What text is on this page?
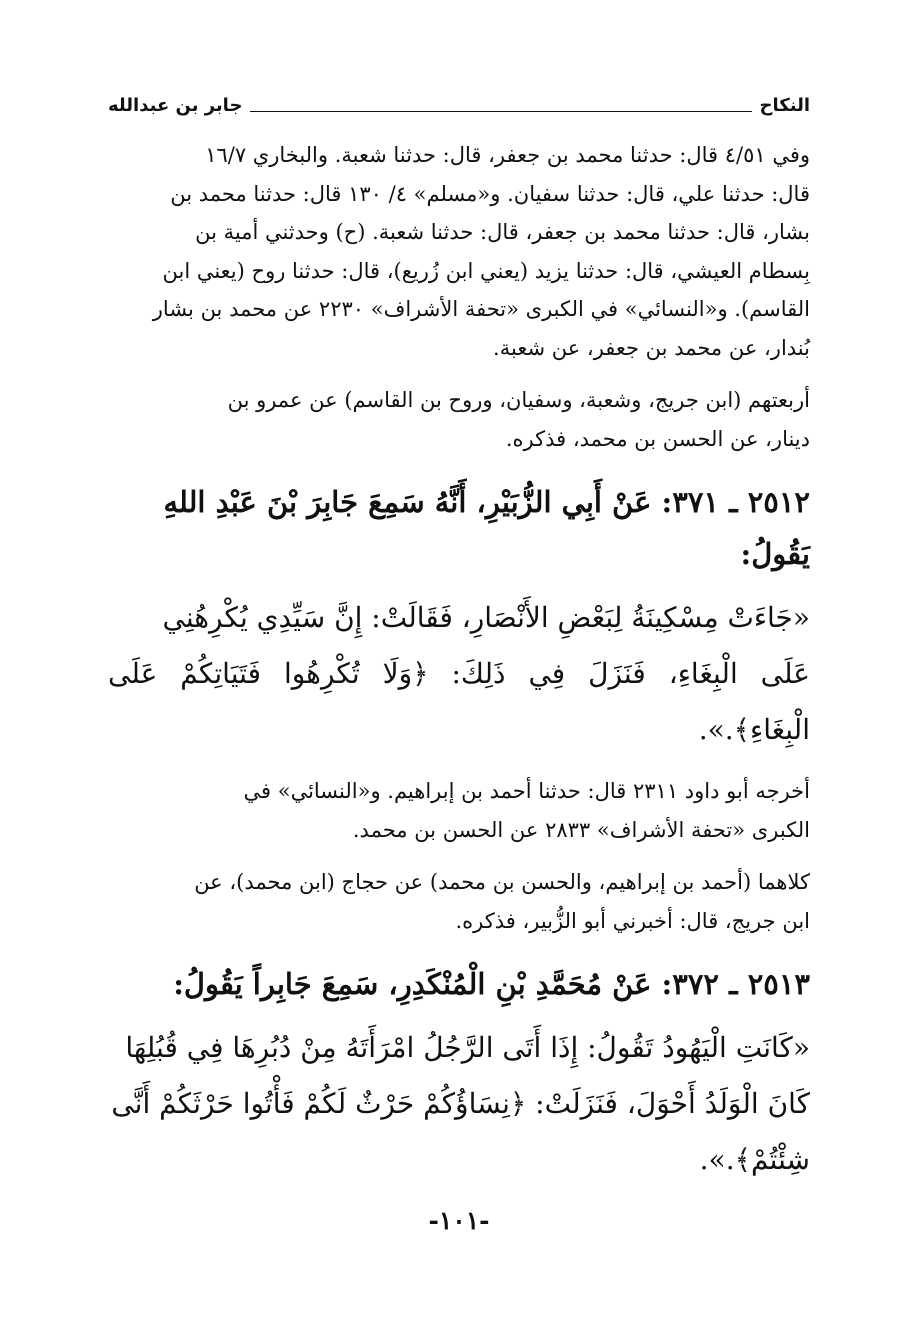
النكاح
جابر بن عبدالله

وفي ٤/٥١ قال: حدثنا محمد بن جعفر، قال: حدثنا شعبة. والبخاري ١٦/٧

قال: حدثنا علي، قال: حدثنا سفيان. و«مسلم» ٤/ ١٣٠ قال: حدثنا محمد بن
بشار، قال: حدثنا محمد بن جعفر، قال: حدثنا شعبة. (ح) وحدثني أمية بن
بِسطام العيشي، قال: حدثنا يزيد (يعني ابن زُريع)، قال: حدثنا روح (يعني ابن
القاسم). و«النسائي» في الكبرى «تحفة الأشراف» ٢٢٣٠ عن محمد بن بشار
بُندار، عن محمد بن جعفر، عن شعبة.
أربعتهم (ابن جريج، وشعبة، وسفيان، وروح بن القاسم) عن عمرو بن
دينار، عن الحسن بن محمد، فذكره.
٢٥١٢ ـ ٣٧١: عَنْ أَبِي الزُّبَيْرِ، أَنَّهُ سَمِعَ جَابِرَ بْنَ عَبْدِ اللهِ
يَقُولُ:
«جَاءَتْ مِسْكِينَةُ لِبَعْضِ الأَنْصَارِ، فَقَالَتْ: إِنَّ سَيِّدِي يُكْرِهُنِي
عَلَى الْبِغَاءِ، فَنَزَلَ فِي ذَلِكَ: ﴿وَلَا تُكْرِهُوا فَتَيَاتِكُمْ عَلَى الْبِغَاءِ﴾.».
أخرجه أبو داود ٢٣١١ قال: حدثنا أحمد بن إبراهيم. و«النسائي» في
الكبرى «تحفة الأشراف» ٢٨٣٣ عن الحسن بن محمد.
كلاهما (أحمد بن إبراهيم، والحسن بن محمد) عن حجاج (ابن محمد)، عن
ابن جريج، قال: أخبرني أبو الزُّبير، فذكره.
٢٥١٣ ـ ٣٧٢: عَنْ مُحَمَّدِ بْنِ الْمُنْكَدِرِ، سَمِعَ جَابِراً يَقُولُ:
«كَانَتِ الْيَهُودُ تَقُولُ: إِذَا أَتَى الرَّجُلُ امْرَأَتَهُ مِنْ دُبُرِهَا فِي قُبُلِهَا
كَانَ الْوَلَدُ أَحْوَلَ، فَنَزَلَتْ: ﴿نِسَاؤُكُمْ حَرْثٌ لَكُمْ فَأْتُوا حَرْثَكُمْ أَنَّى
شِئْتُمْ﴾.».
-١٠١-
